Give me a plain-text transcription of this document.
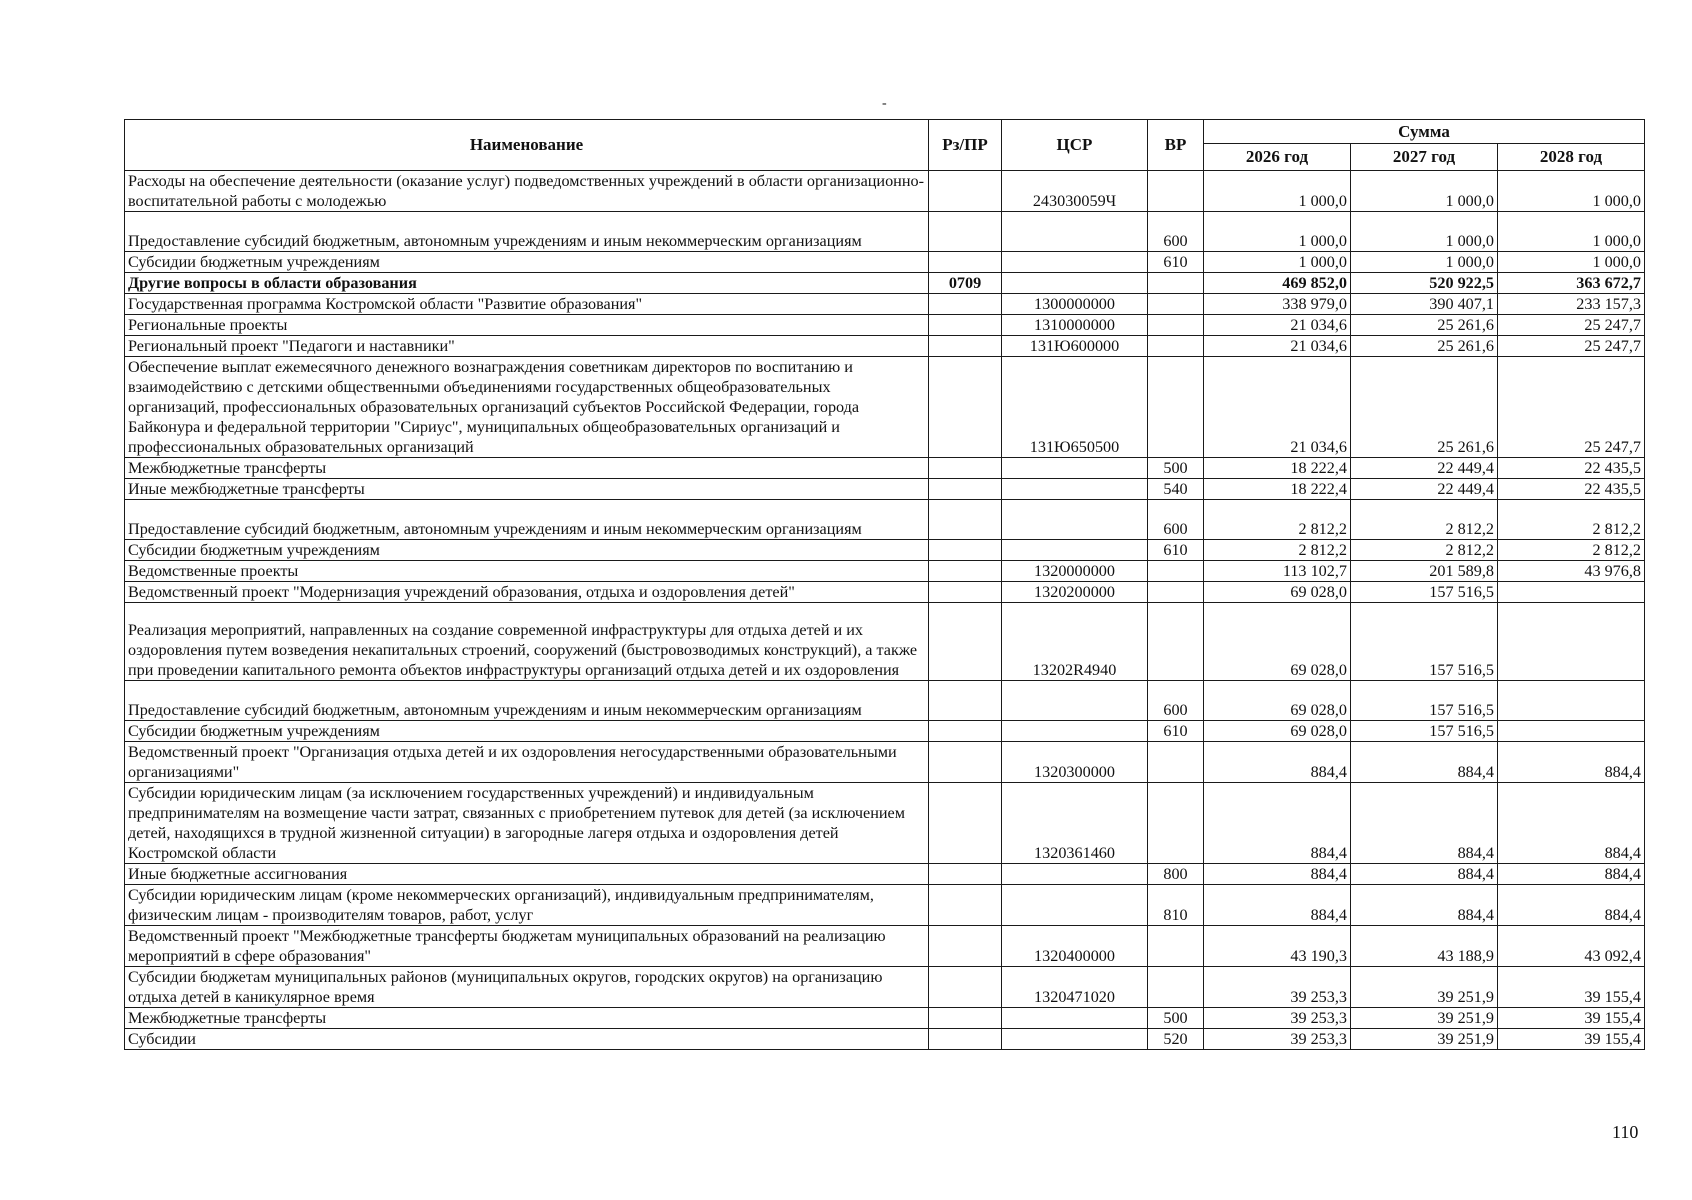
-
Наименование	Рз/ПР	ЦСР	ВР	Сумма		
				2026 год	2027 год	2028 год
Расходы на обеспечение деятельности (оказание услуг) подведомственных учреждений в области организационно-воспитательной работы с молодежью		243030059Ч		1 000,0	1 000,0	1 000,0
Предоставление субсидий бюджетным, автономным учреждениям и иным некоммерческим организациям			600	1 000,0	1 000,0	1 000,0
Субсидии бюджетным учреждениям			610	1 000,0	1 000,0	1 000,0
Другие вопросы в области образования	0709			469 852,0	520 922,5	363 672,7
Государственная программа Костромской области "Развитие образования"		1300000000		338 979,0	390 407,1	233 157,3
Региональные проекты		1310000000		21 034,6	25 261,6	25 247,7
Региональный проект "Педагоги и наставники"		131Ю600000		21 034,6	25 261,6	25 247,7
Обеспечение выплат ежемесячного денежного вознаграждения советникам директоров по воспитанию и взаимодействию с детскими общественными объединениями государственных общеобразовательных организаций, профессиональных образовательных организаций субъектов Российской Федерации, города Байконура и федеральной территории "Сириус", муниципальных общеобразовательных организаций и профессиональных образовательных организаций		131Ю650500		21 034,6	25 261,6	25 247,7
Межбюджетные трансферты			500	18 222,4	22 449,4	22 435,5
Иные межбюджетные трансферты			540	18 222,4	22 449,4	22 435,5
Предоставление субсидий бюджетным, автономным учреждениям и иным некоммерческим организациям			600	2 812,2	2 812,2	2 812,2
Субсидии бюджетным учреждениям			610	2 812,2	2 812,2	2 812,2
Ведомственные проекты		1320000000		113 102,7	201 589,8	43 976,8
Ведомственный проект "Модернизация учреждений образования, отдыха и оздоровления детей"		1320200000		69 028,0	157 516,5	
Реализация мероприятий, направленных на создание современной инфраструктуры для отдыха детей и их оздоровления путем возведения некапитальных строений, сооружений (быстровозводимых конструкций), а также при проведении капитального ремонта объектов инфраструктуры организаций отдыха детей и их оздоровления		13202R4940		69 028,0	157 516,5	
Предоставление субсидий бюджетным, автономным учреждениям и иным некоммерческим организациям			600	69 028,0	157 516,5	
Субсидии бюджетным учреждениям			610	69 028,0	157 516,5	
Ведомственный проект "Организация отдыха детей и их оздоровления негосударственными образовательными организациями"		1320300000		884,4	884,4	884,4
Субсидии юридическим лицам (за исключением государственных учреждений) и индивидуальным предпринимателям на возмещение части затрат, связанных с приобретением путевок для детей (за исключением детей, находящихся в трудной жизненной ситуации) в загородные лагеря отдыха и оздоровления детей Костромской области		1320361460		884,4	884,4	884,4
Иные бюджетные ассигнования			800	884,4	884,4	884,4
Субсидии юридическим лицам (кроме некоммерческих организаций), индивидуальным предпринимателям, физическим лицам - производителям товаров, работ, услуг			810	884,4	884,4	884,4
Ведомственный проект "Межбюджетные трансферты бюджетам муниципальных образований на реализацию мероприятий в сфере образования"		1320400000		43 190,3	43 188,9	43 092,4
Субсидии бюджетам муниципальных районов (муниципальных округов, городских округов) на организацию отдыха детей в каникулярное время		1320471020		39 253,3	39 251,9	39 155,4
Межбюджетные трансферты			500	39 253,3	39 251,9	39 155,4
Субсидии			520	39 253,3	39 251,9	39 155,4
110
